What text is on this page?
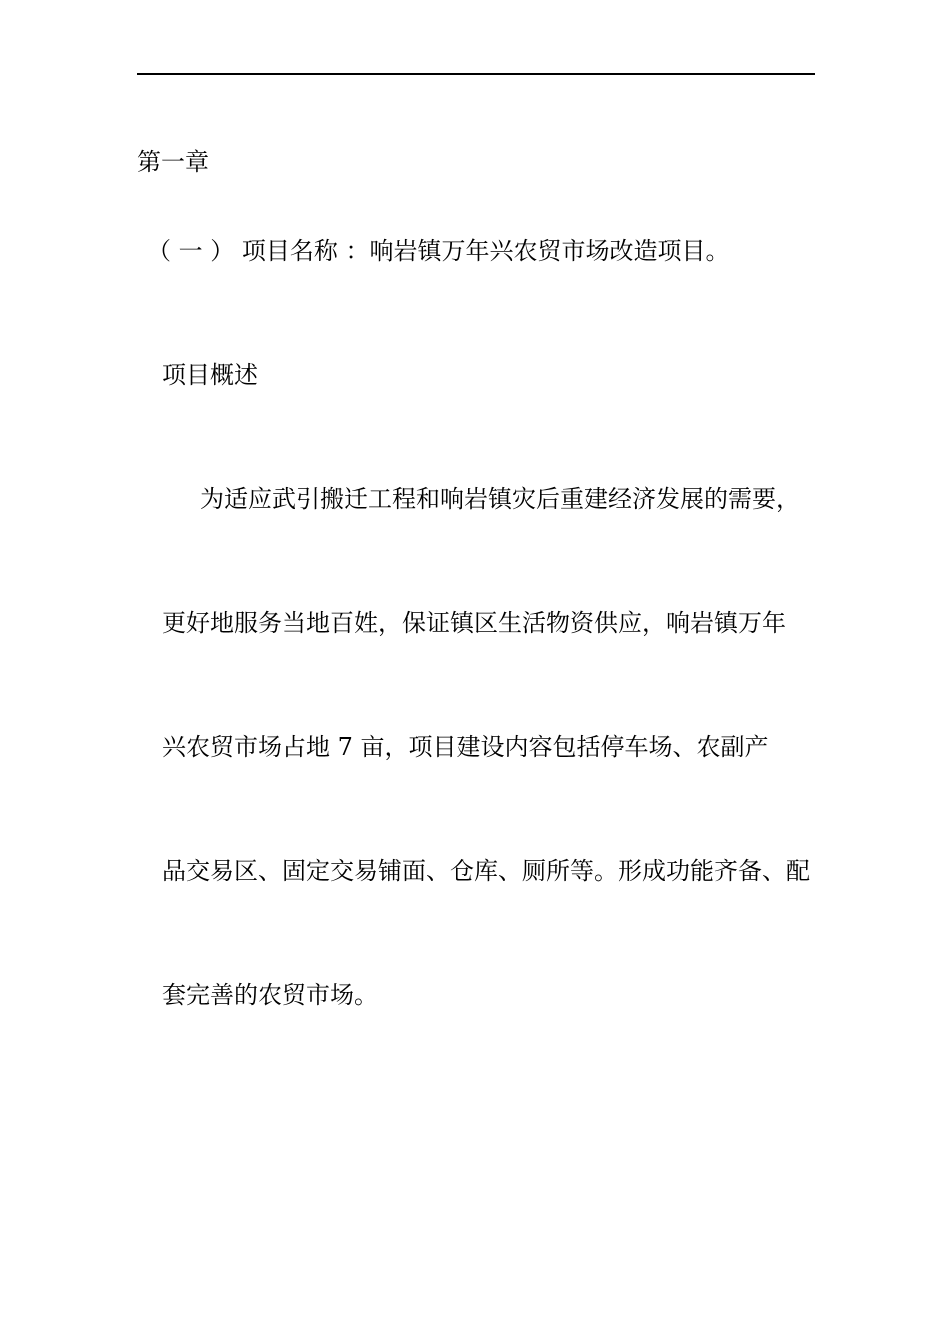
第一章
（ 一 ） 项目名称 ：响岩镇万年兴农贸市场改造项目。
项目概述
为适应武引搬迁工程和响岩镇灾后重建经济发展的需要，
更好地服务当地百姓，保证镇区生活物资供应，响岩镇万年
兴农贸市场占地 7 亩，项目建设内容包括停车场、农副产
品交易区、固定交易铺面、仓库、厕所等。形成功能齐备、配
套完善的农贸市场。
